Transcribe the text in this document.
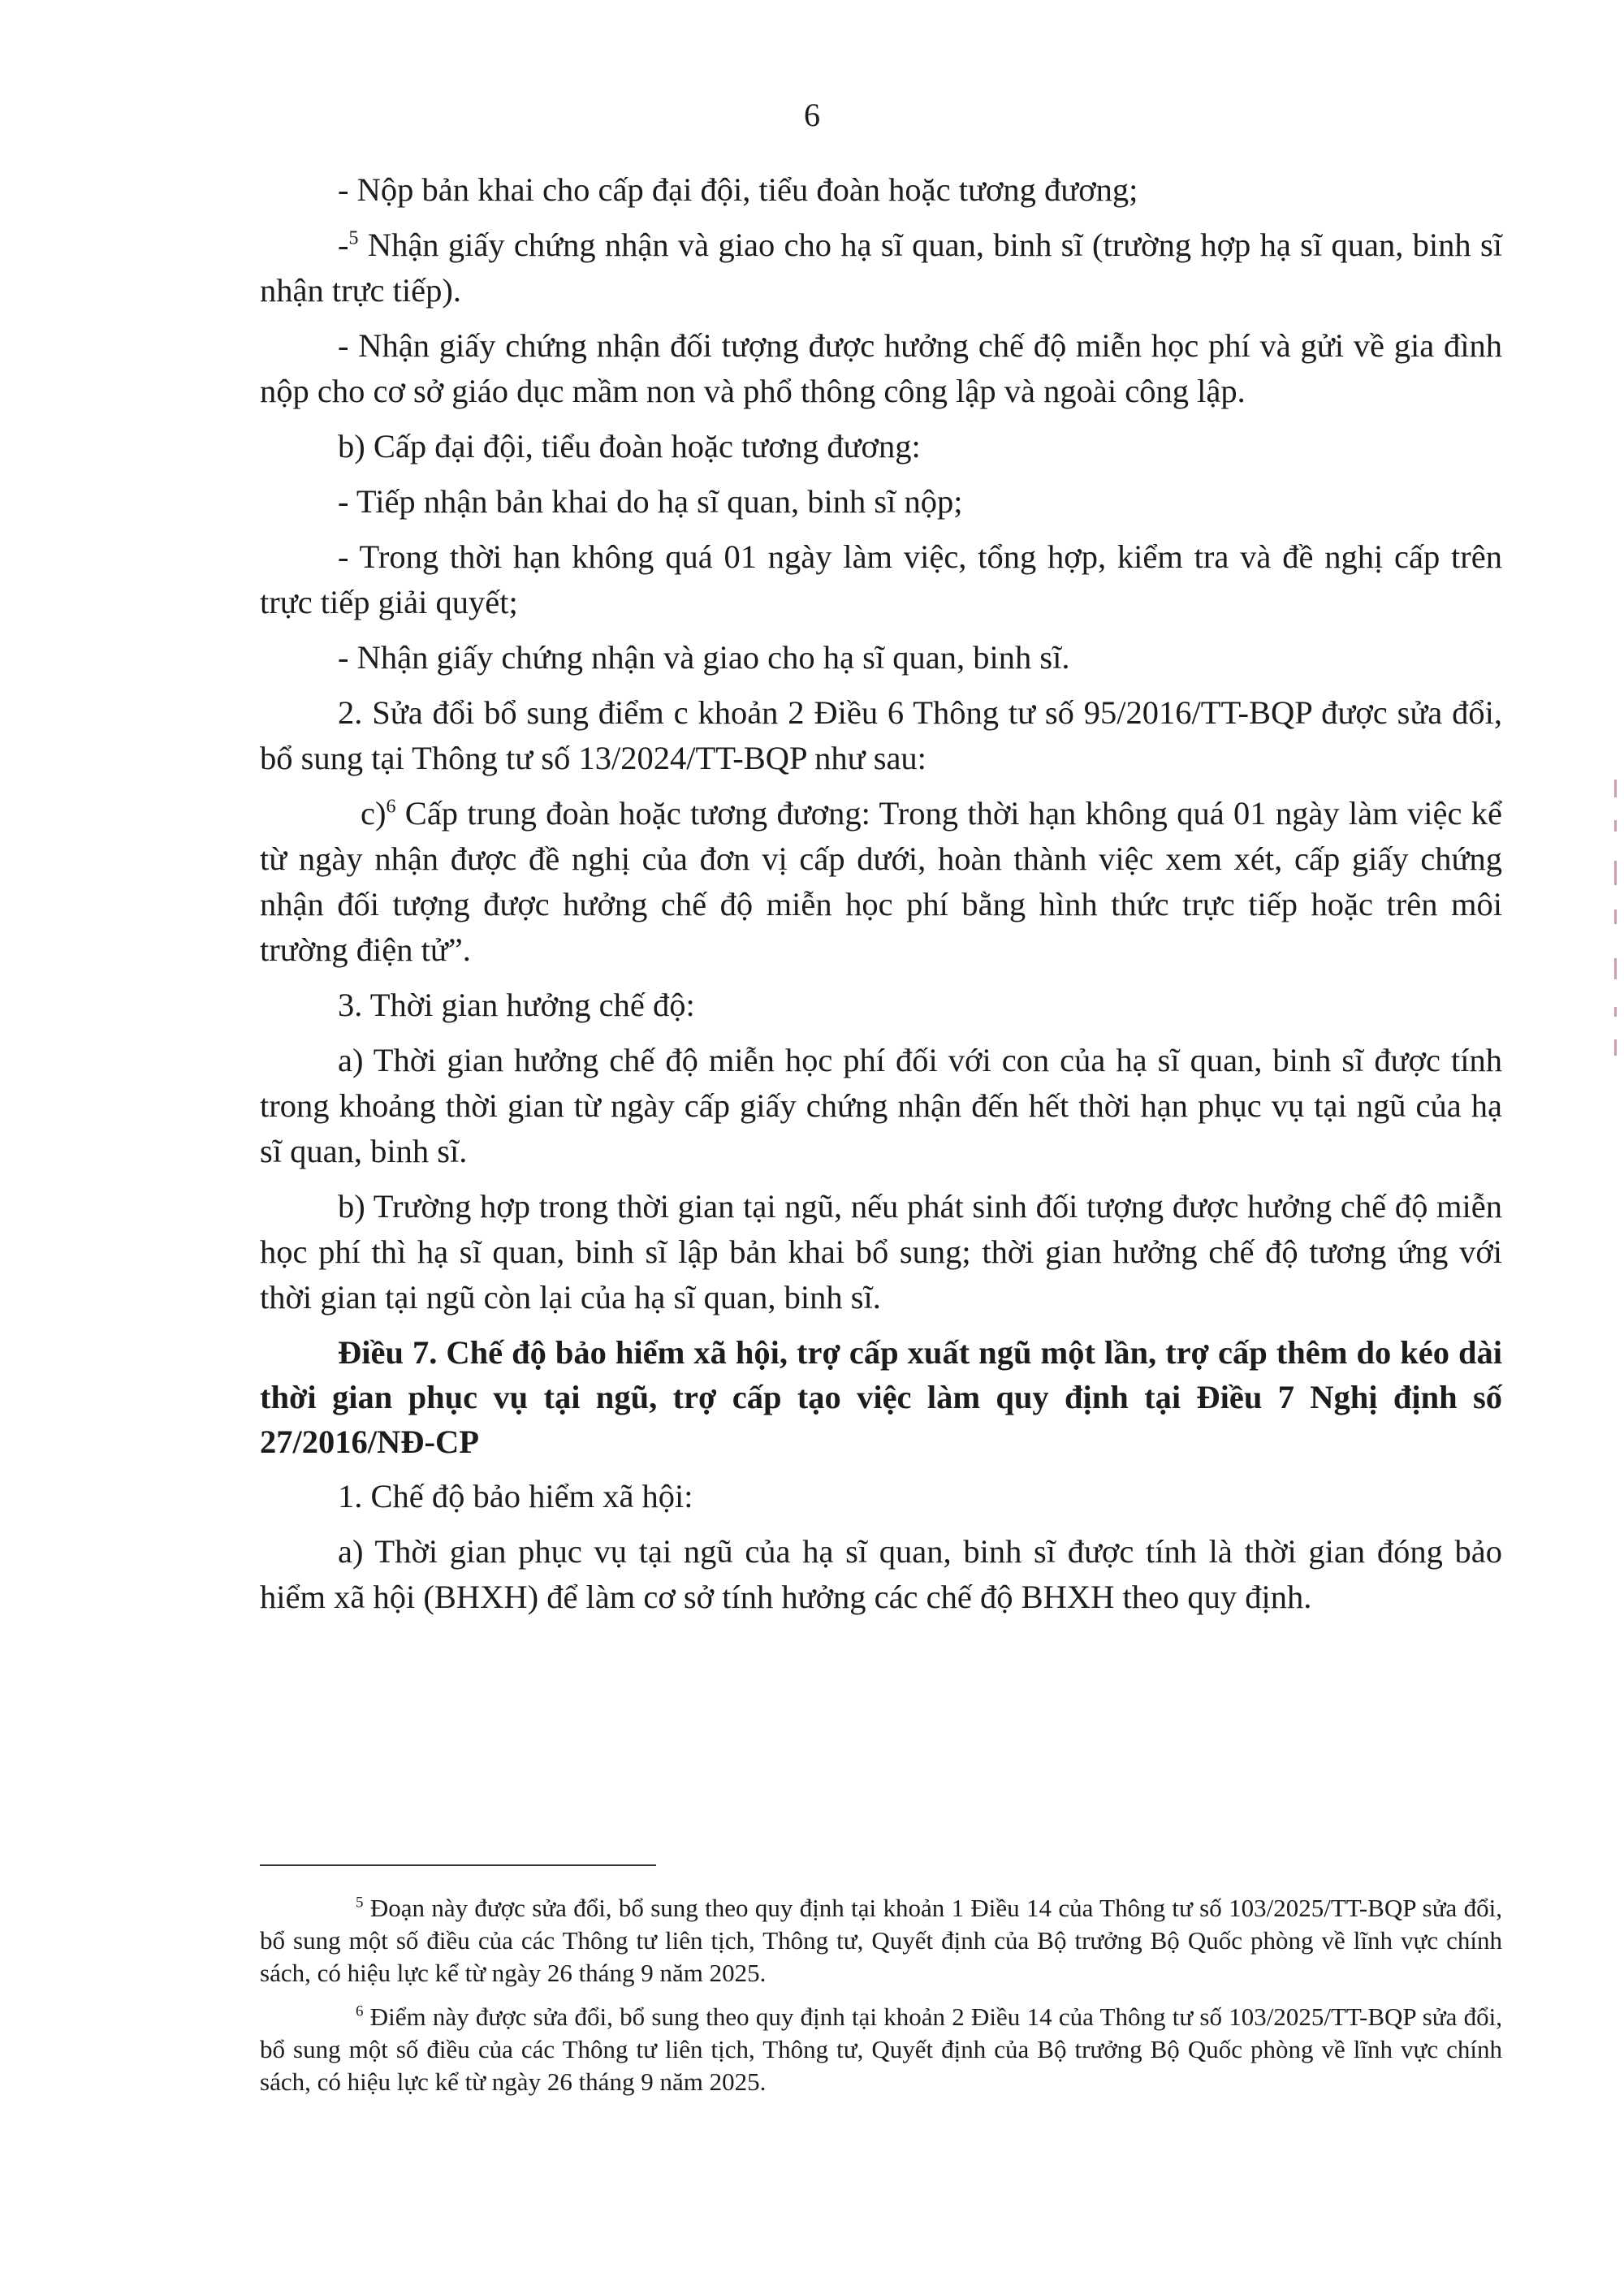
6

- Nộp bản khai cho cấp đại đội, tiểu đoàn hoặc tương đương;

-$^5$ Nhận giấy chứng nhận và giao cho hạ sĩ quan, binh sĩ (trường hợp hạ sĩ quan, binh sĩ nhận trực tiếp).

- Nhận giấy chứng nhận đối tượng được hưởng chế độ miễn học phí và gửi về gia đình nộp cho cơ sở giáo dục mầm non và phổ thông công lập và ngoài công lập.

b) Cấp đại đội, tiểu đoàn hoặc tương đương:

- Tiếp nhận bản khai do hạ sĩ quan, binh sĩ nộp;

- Trong thời hạn không quá 01 ngày làm việc, tổng hợp, kiểm tra và đề nghị cấp trên trực tiếp giải quyết;

- Nhận giấy chứng nhận và giao cho hạ sĩ quan, binh sĩ.

2. Sửa đổi bổ sung điểm c khoản 2 Điều 6 Thông tư số 95/2016/TT-BQP được sửa đổi, bổ sung tại Thông tư số 13/2024/TT-BQP như sau:

c)$^6$ Cấp trung đoàn hoặc tương đương: Trong thời hạn không quá 01 ngày làm việc kể từ ngày nhận được đề nghị của đơn vị cấp dưới, hoàn thành việc xem xét, cấp giấy chứng nhận đối tượng được hưởng chế độ miễn học phí bằng hình thức trực tiếp hoặc trên môi trường điện tử”.

3. Thời gian hưởng chế độ:

a) Thời gian hưởng chế độ miễn học phí đối với con của hạ sĩ quan, binh sĩ được tính trong khoảng thời gian từ ngày cấp giấy chứng nhận đến hết thời hạn phục vụ tại ngũ của hạ sĩ quan, binh sĩ.

b) Trường hợp trong thời gian tại ngũ, nếu phát sinh đối tượng được hưởng chế độ miễn học phí thì hạ sĩ quan, binh sĩ lập bản khai bổ sung; thời gian hưởng chế độ tương ứng với thời gian tại ngũ còn lại của hạ sĩ quan, binh sĩ.

Điều 7. Chế độ bảo hiểm xã hội, trợ cấp xuất ngũ một lần, trợ cấp thêm do kéo dài thời gian phục vụ tại ngũ, trợ cấp tạo việc làm quy định tại Điều 7 Nghị định số 27/2016/NĐ-CP

1. Chế độ bảo hiểm xã hội:

a) Thời gian phục vụ tại ngũ của hạ sĩ quan, binh sĩ được tính là thời gian đóng bảo hiểm xã hội (BHXH) để làm cơ sở tính hưởng các chế độ BHXH theo quy định.

$^5$ Đoạn này được sửa đổi, bổ sung theo quy định tại khoản 1 Điều 14 của Thông tư số 103/2025/TT-BQP sửa đổi, bổ sung một số điều của các Thông tư liên tịch, Thông tư, Quyết định của Bộ trưởng Bộ Quốc phòng về lĩnh vực chính sách, có hiệu lực kể từ ngày 26 tháng 9 năm 2025.

$^6$ Điểm này được sửa đổi, bổ sung theo quy định tại khoản 2 Điều 14 của Thông tư số 103/2025/TT-BQP sửa đổi, bổ sung một số điều của các Thông tư liên tịch, Thông tư, Quyết định của Bộ trưởng Bộ Quốc phòng về lĩnh vực chính sách, có hiệu lực kể từ ngày 26 tháng 9 năm 2025.
